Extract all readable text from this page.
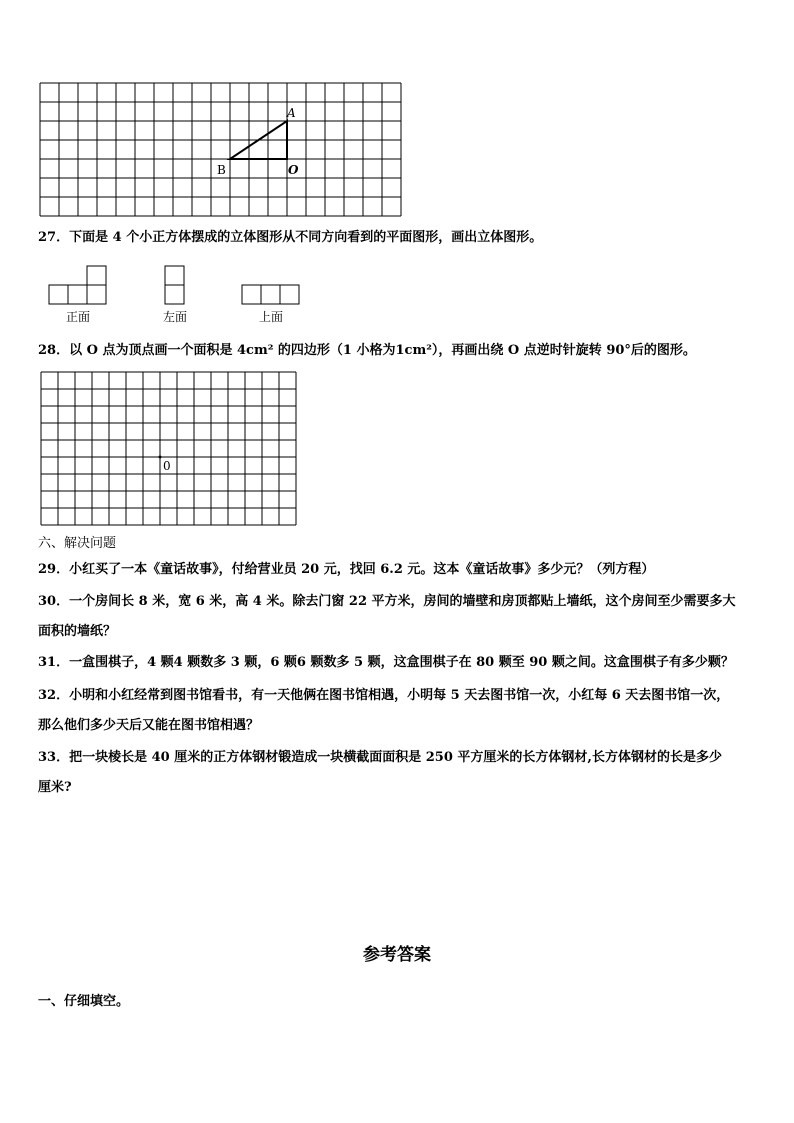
A
B	O
27．下面是 4 个小正方体摆成的立体图形从不同方向看到的平面图形，画出立体图形。
正面	左面	上面
28．以 O 点为顶点画一个面积是 4cm² 的四边形（1 小格为1cm²），再画出绕 O 点逆时针旋转 90°后的图形。
0
六、解决问题
29．小红买了一本《童话故事》，付给营业员 20 元，找回 6.2 元。这本《童话故事》多少元？（列方程）
30．一个房间长 8 米，宽 6 米，高 4 米。除去门窗 22 平方米，房间的墙壁和房顶都贴上墙纸，这个房间至少需要多大
面积的墙纸？
31．一盒围棋子，4 颗4 颗数多 3 颗，6 颗6 颗数多 5 颗，这盒围棋子在 80 颗至 90 颗之间。这盒围棋子有多少颗？
32．小明和小红经常到图书馆看书，有一天他俩在图书馆相遇，小明每 5 天去图书馆一次，小红每 6 天去图书馆一次，
那么他们多少天后又能在图书馆相遇？
33．把一块棱长是 40 厘米的正方体钢材锻造成一块横截面面积是 250 平方厘米的长方体钢材,长方体钢材的长是多少
厘米?
参考答案
一、仔细填空。
